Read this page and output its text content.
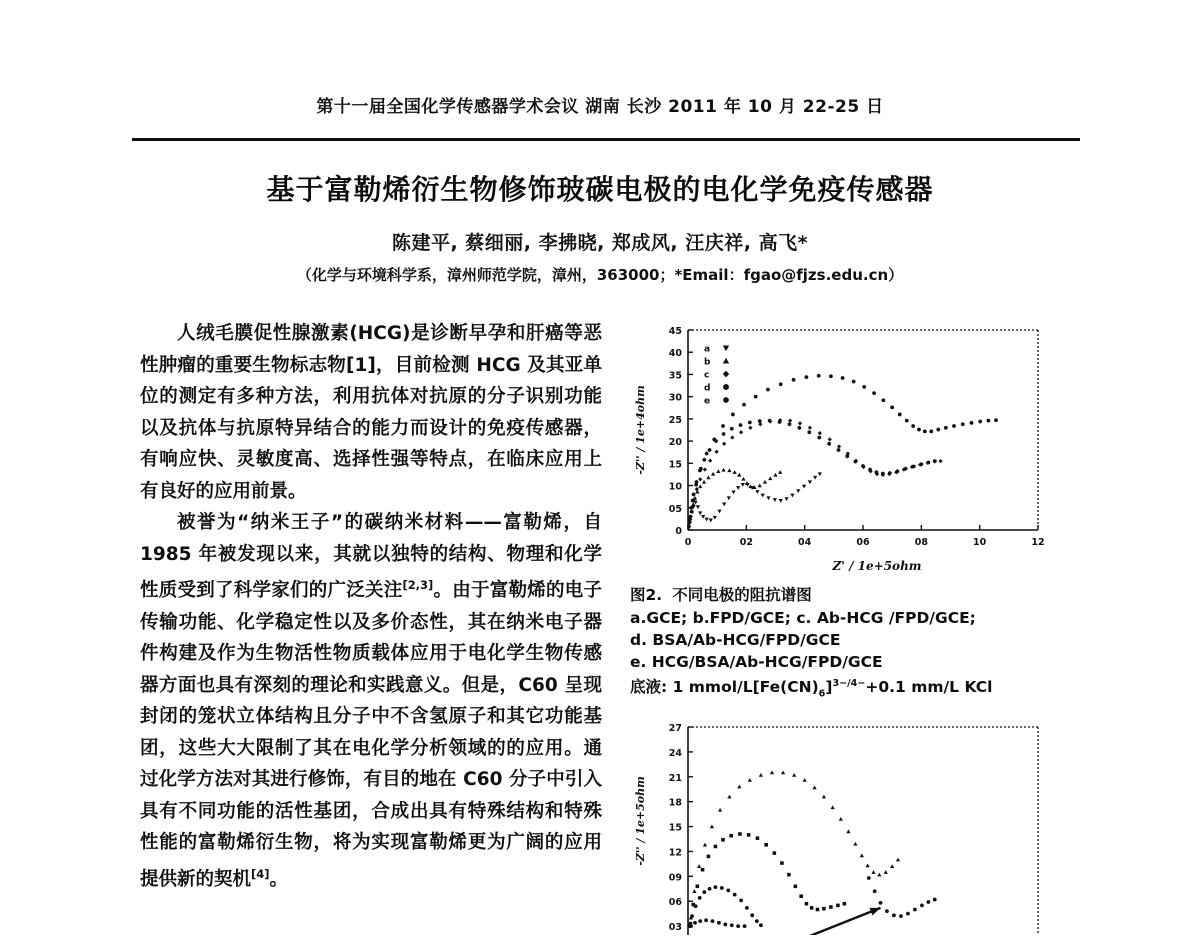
第十一届全国化学传感器学术会议 湖南 长沙 2011 年 10 月 22-25 日
基于富勒烯衍生物修饰玻碳电极的电化学免疫传感器
陈建平, 蔡细丽, 李拂晓, 郑成风, 汪庆祥, 高飞*
（化学与环境科学系，漳州师范学院，漳州，363000；*Email：fgao@fjzs.edu.cn）

人绒毛膜促性腺激素(HCG)是诊断早孕和肝癌等恶性肿瘤的重要生物标志物[1]，目前检测 HCG 及其亚单位的测定有多种方法，利用抗体对抗原的分子识别功能以及抗体与抗原特异结合的能力而设计的免疫传感器，有响应快、灵敏度高、选择性强等特点，在临床应用上有良好的应用前景。

被誉为“纳米王子”的碳纳米材料——富勒烯，自 1985 年被发现以来，其就以独特的结构、物理和化学性质受到了科学家们的广泛关注[2,3]。由于富勒烯的电子传输功能、化学稳定性以及多价态性，其在纳米电子器件构建及作为生物活性物质载体应用于电化学生物传感器方面也具有深刻的理论和实践意义。但是，C60 呈现封闭的笼状立体结构且分子中不含氢原子和其它功能基团，这些大大限制了其在电化学分析领域的的应用。通过化学方法对其进行修饰，有目的地在 C60 分子中引入具有不同功能的活性基团，合成出具有特殊结构和特殊性能的富勒烯衍生物，将为实现富勒烯更为广阔的应用提供新的契机[4]。

0
05
10
15
20
25
30
35
40
45
0	02	04	06	08	10	12
Z' / 1e+5ohm
-Z'' / 1e+4ohm
a
b
c
d
e
图2. 不同电极的阻抗谱图
a.GCE; b.FPD/GCE; c. Ab-HCG /FPD/GCE;
d. BSA/Ab-HCG/FPD/GCE
e. HCG/BSA/Ab-HCG/FPD/GCE
底液: 1 mmol/$L[Fe(CN)_6]^{3-/4-}+0.1$ mm/L KCl
03
06
09
12
15
18
21
24
27
-Z'' / 1e+5ohm
